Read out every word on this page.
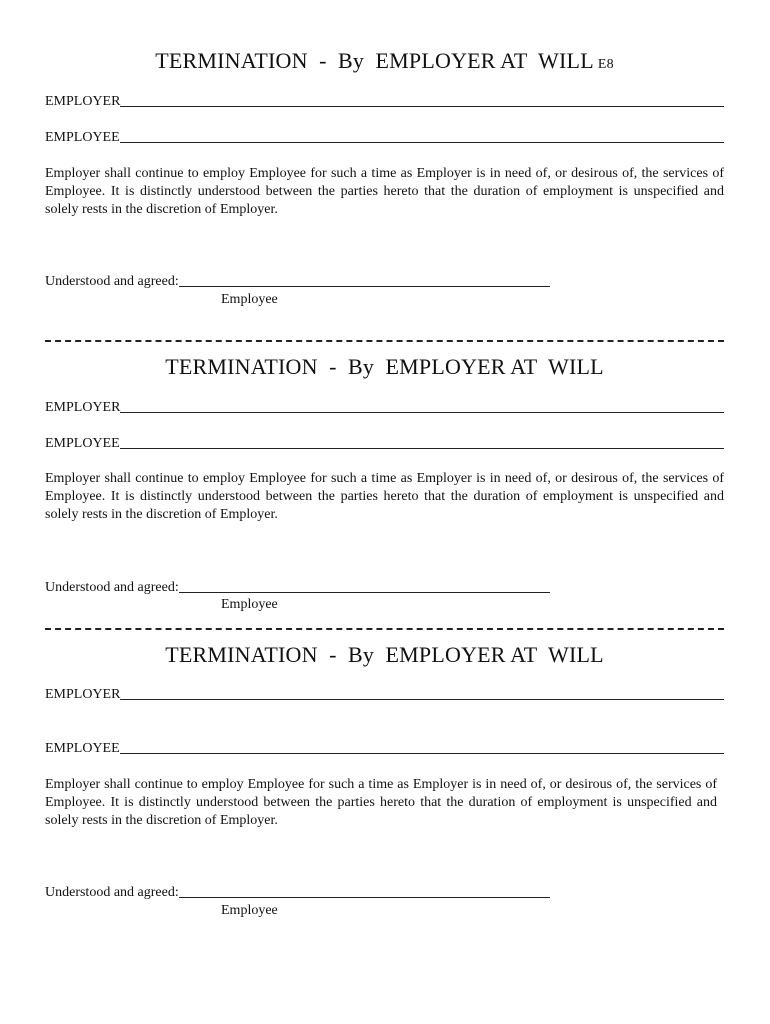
TERMINATION  -  By  EMPLOYER AT  WILL E8
EMPLOYER
EMPLOYEE
Employer shall continue to employ Employee for such a time as Employer is in need of, or desirous of, the services of Employee. It is distinctly understood between the parties hereto that the duration of employment is unspecified and solely rests in the discretion of Employer.
Understood and agreed:
Employee
TERMINATION  -  By  EMPLOYER AT  WILL
EMPLOYER
EMPLOYEE
Employer shall continue to employ Employee for such a time as Employer is in need of, or desirous of, the services of Employee. It is distinctly understood between the parties hereto that the duration of employment is unspecified and solely rests in the discretion of Employer.
Understood and agreed:
Employee
TERMINATION  -  By  EMPLOYER AT  WILL
EMPLOYER
EMPLOYEE
Employer shall continue to employ Employee for such a time as Employer is in need of, or desirous of, the services of Employee. It is distinctly understood between the parties hereto that the duration of employment is unspecified and solely rests in the discretion of Employer.
Understood and agreed:
Employee
